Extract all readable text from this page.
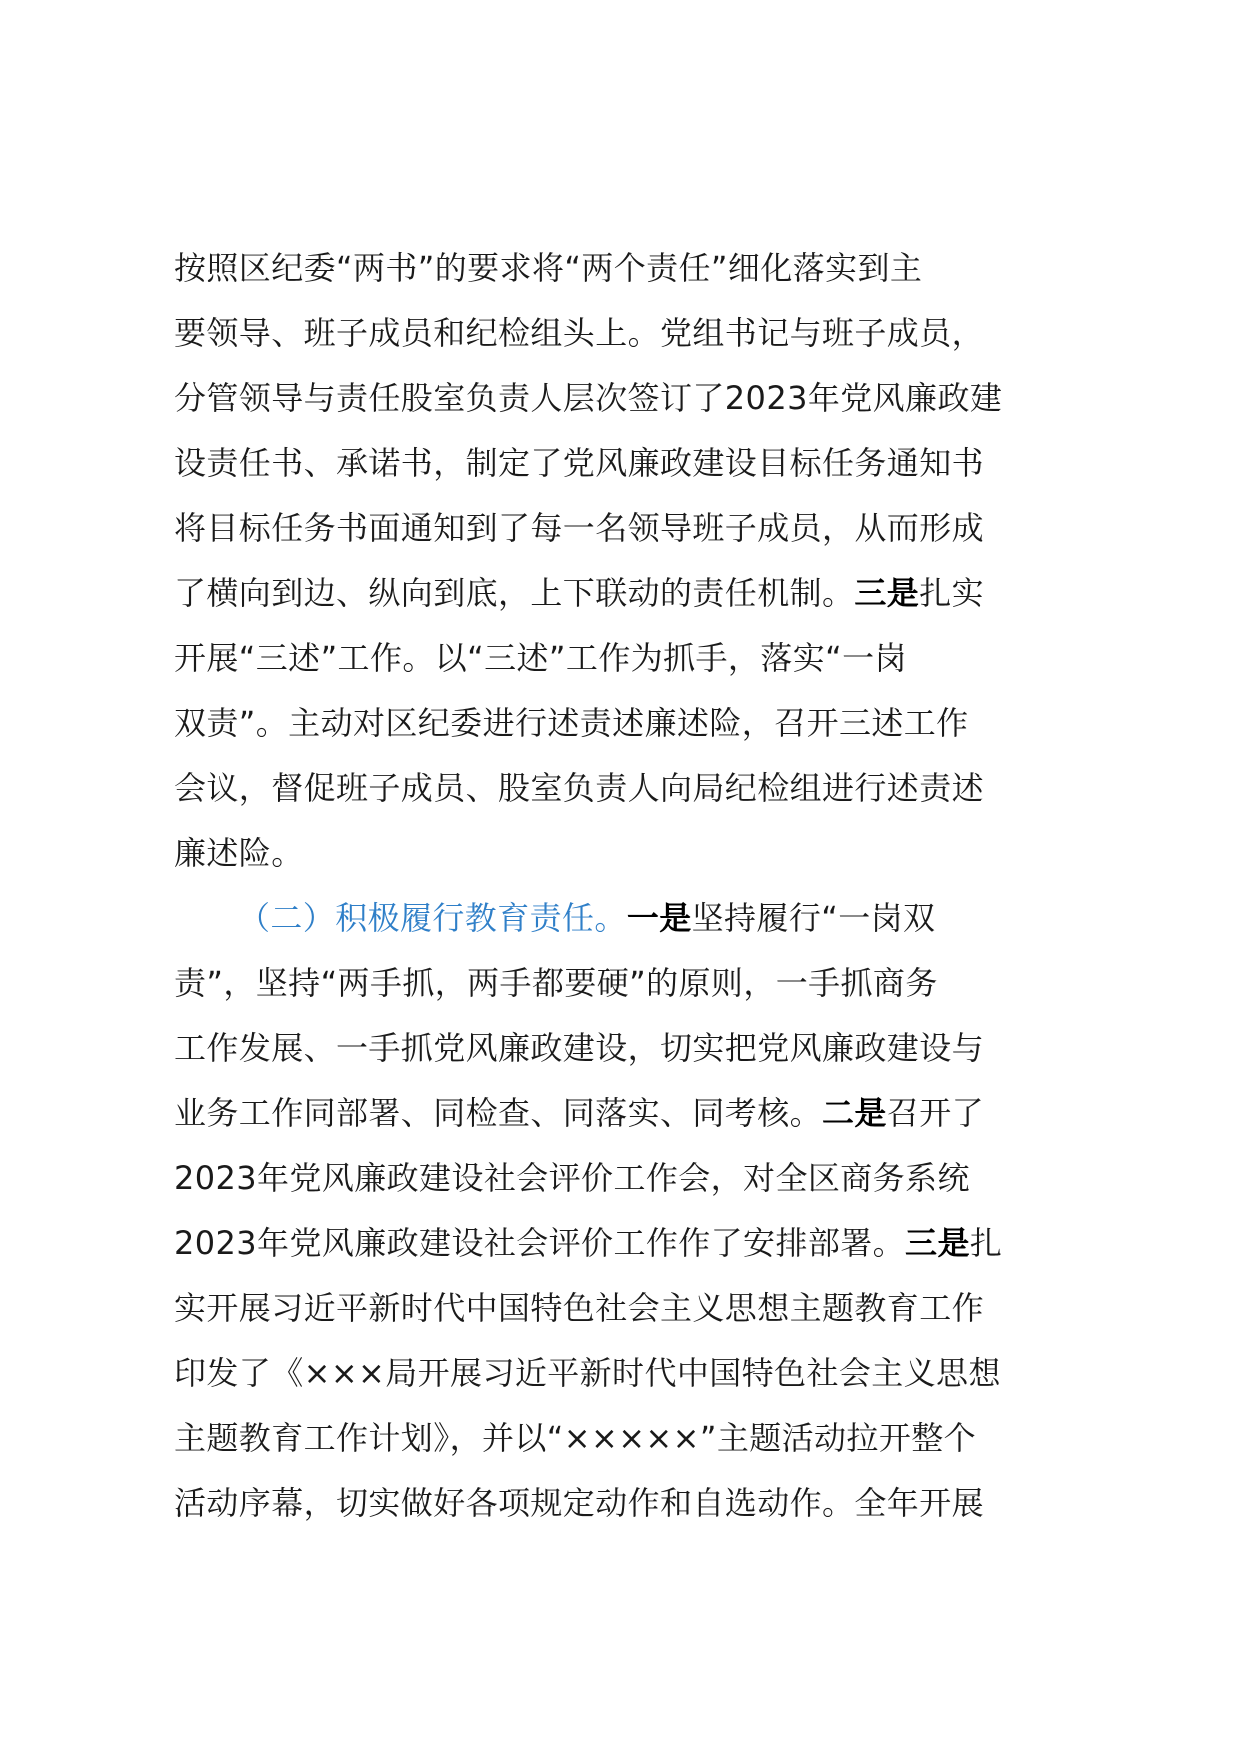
按照区纪委“两书”的要求将“两个责任”细化落实到主
要领导、班子成员和纪检组头上。党组书记与班子成员，
分管领导与责任股室负责人层次签订了2023年党风廉政建
设责任书、承诺书，制定了党风廉政建设目标任务通知书
将目标任务书面通知到了每一名领导班子成员，从而形成
了横向到边、纵向到底，上下联动的责任机制。三是扎实
开展“三述”工作。以“三述”工作为抓手，落实“一岗
双责”。主动对区纪委进行述责述廉述险，召开三述工作
会议，督促班子成员、股室负责人向局纪检组进行述责述
廉述险。
（二）积极履行教育责任。一是坚持履行“一岗双
责”，坚持“两手抓，两手都要硬”的原则，一手抓商务
工作发展、一手抓党风廉政建设，切实把党风廉政建设与
业务工作同部署、同检查、同落实、同考核。二是召开了
2023年党风廉政建设社会评价工作会，对全区商务系统
2023年党风廉政建设社会评价工作作了安排部署。三是扎
实开展习近平新时代中国特色社会主义思想主题教育工作
印发了《×××局开展习近平新时代中国特色社会主义思想
主题教育工作计划》，并以“×××××”主题活动拉开整个
活动序幕，切实做好各项规定动作和自选动作。全年开展
